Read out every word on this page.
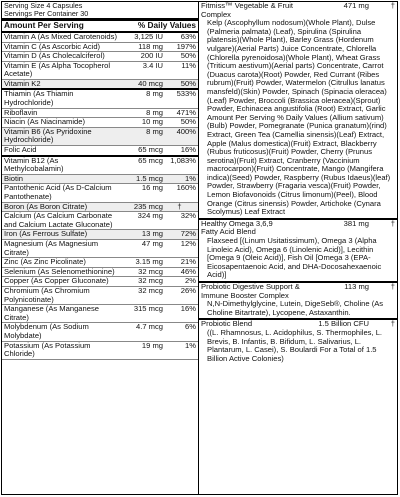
Serving Size 4 Capsules
Servings Per Container 30
Amount Per Serving	% Daily Values
Vitamin A (As Mixed Carotenoids)	3,125 IU	63%
Vitamin C (As Ascorbic Acid)	118 mg	197%
Vitamin D (As Cholecalciferol)	200 IU	50%
Vitamin E (As Alpha Tocopherol Acetate)
3.4 IU	11%
Vitamin K2	40 mcg	50%
Thiamin (As Thiamin Hydrochloride)
8 mg	533%
Riboflavin	8 mg	471%
Niacin (As Niacinamide)	10 mg	50%
Vitamin B6 (As Pyridoxine Hydrochloride)
8 mg	400%
Folic Acid	65 mcg	16%
Vitamin B12 (As Methylcobalamin)
65 mcg 1,083%
Biotin	1.5 mcg	1%
Pantothenic Acid (As D-Calcium Pantothenate)
16 mg	160%
Boron (As Boron Citrate)	235 mcg	†
Calcium (As Calcium Carbonate and Calcium Lactate Gluconate)
324 mg	32%
Iron (As Ferrous Sulfate)	13 mg	72%
Magnesium (As Magnesium Citrate)
47 mg	12%
Zinc (As Zinc Picolinate)	3.15 mg	21%
Selenium (As Selenomethionine)	32 mcg	46%
Copper (As Copper Gluconate)	32 mcg	2%
Chromium (As Chromium Polynicotinate)
32 mcg	26%
Manganese (As Manganese Citrate)
315 mcg	16%
Molybdenum (As Sodium Molybdate)
4.7 mcg	6%
Potassium (As Potassium Chloride)
19 mg	1%
Fitmiss™ Vegetable & Fruit Complex
471 mg	†
Kelp (Ascophyllum nodosum)(Whole Plant), Dulse (Palmeria palmata) (Leaf), Spirulina (Spirulina platensis)(Whole Plant), Barley Grass (Hordenum vulgare)(Aerial Parts) Juice Concentrate, Chlorella (Chlorella pyrenoidosa)(Whole Plant), Wheat Grass (Triticum aestivum)(Aerial parts) Concentrate, Carrot (Duacus carota)(Root) Powder, Red Currant (Ribes rubrum)(Fruit) Powder, Watermelon (Citrullus lanatus mansfeld)(Skin) Powder, Spinach (Spinacia oleracea)(Leaf) Powder, Broccoli (Brassica oleracea)(Sprout) Powder, Echinacea angustifolia (Root) Extract, Garlic Amount Per Serving % Daily Values (Allium sativum)(Bulb) Powder, Pomegranate (Punica granatum)(rind) Extract, Green Tea (Camellia sinensis)(Leaf) Extract, Apple (Malus domestica)(Fruit) Extract, Blackberry (Rubus fruticosus)(Fruit) Powder, Cherry (Prunus serotina)(Fruit) Extract, Cranberry (Vaccinium macrocarpon)(Fruit) Concentrate, Mango (Mangifera indica)(Seed) Powder, Raspberry (Rubus Idaeus)(leaf) Powder, Strawberry (Fragaria vesca)(Fruit) Powder, Lemon Biofavonoids (Citrus limonum)(Peel), Blood Orange (Citrus sinensis) Powder, Artichoke (Cynara Scolymus) Leaf Extract
Healthy Omega 3,6,9	381 mg	†
Fatty Acid Blend
Flaxseed [(Linum Usitatissimum), Omega 3 (Alpha Linoleic Acid), Omega 6 (Linolenic Acid)], Lecithin [Omega 9 (Oleic Acid)], Fish Oil [Omega 3 (EPA-Eicosapentaenoic Acid, and DHA-Docosahexaenoic Acid)]
Probiotic Digestive Support & Immune Booster Complex
113 mg	†
N,N-Dimethylglycine, Lutein, DigeSeb®, Choline (As Choline Bitartrate), Lycopene, Astaxanthin.
Probiotic Blend	1.5 Billion CFU	†
((L. Rhamnosus, L. Acidophilus, S. Thermophiles, L. Brevis, B. Infantis, B. Bifidum, L. Salivarius, L. Plantarum, L. Casei), S. Boulardi For a Total of 1.5 Billion Active Colonies)
